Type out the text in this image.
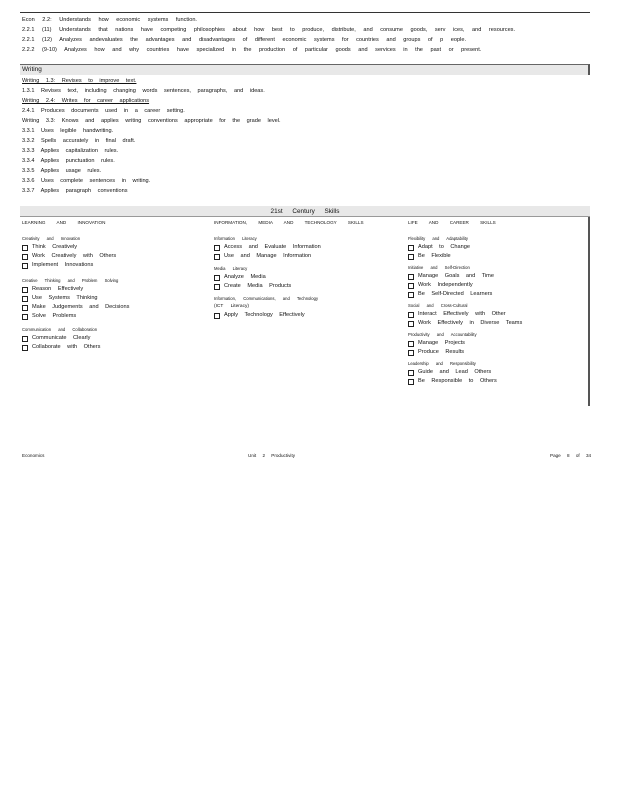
Econ 2.2: Understands how economic systems function.
2.2.1 (11) Understands that nations have competing philosophies about how best to produce, distribute, and consume goods, serv ices, and resources.
2.2.1 (12) Analyzes andevaluates the advantages and disadvantages of different economic systems for countries and groups of p eople.
2.2.2 (9-10) Analyzes how and why countries have specialized in the production of particular goods and services in the past or present.
Writing
Writing 1.3: Revises to improve text.
1.3.1 Revises text, including changing words sentences, paragraphs, and ideas.
Writing 2.4: Writes for career applications
2.4.1 Produces documents used in a career setting.
Writing 3.3: Knows and applies writing conventions appropriate for the grade level.
3.3.1 Uses legible handwriting.
3.3.2 Spells accurately in final draft.
3.3.3 Applies capitalization rules.
3.3.4 Applies punctuation rules.
3.3.5 Applies usage rules.
3.3.6 Uses complete sentences in writing.
3.3.7 Applies paragraph conventions
21st Century Skills
LEARNING AND INNOVATION	INFORMATION, MEDIA AND TECHNOLOGY SKILLS	LIFE AND CAREER SKILLS
Creativity and Innovation
Think Creatively
Work Creatively with Others
Implement Innovations
Creative Thinking and Problem Solving
Reason Effectively
Use Systems Thinking
Make Judgements and Decisions
Solve Problems
Communication and Collaboration
Communicate Clearly
Collaborate with Others
Information Literacy
Access and Evaluate Information
Use and Manage Information
Media Literacy
Analyze Media
Create Media Products
Information, Communications, and Technology
(ICT Literacy)
Apply Technology Effectively
Flexibility and Adaptability
Adapt to Change
Be Flexible
Initiative and Self-Direction
Manage Goals and Time
Work Independently
Be Self-Directed Learners
Social and Cross-Cultural
Interact Effectively with Other
Work Effectively in Diverse Teams
Productivity and Accountability
Manage Projects
Produce Results
Leadership and Responsibility
Guide and Lead Others
Be Responsible to Others
Economics	Unit 2 Productivity	Page 8 of 34
